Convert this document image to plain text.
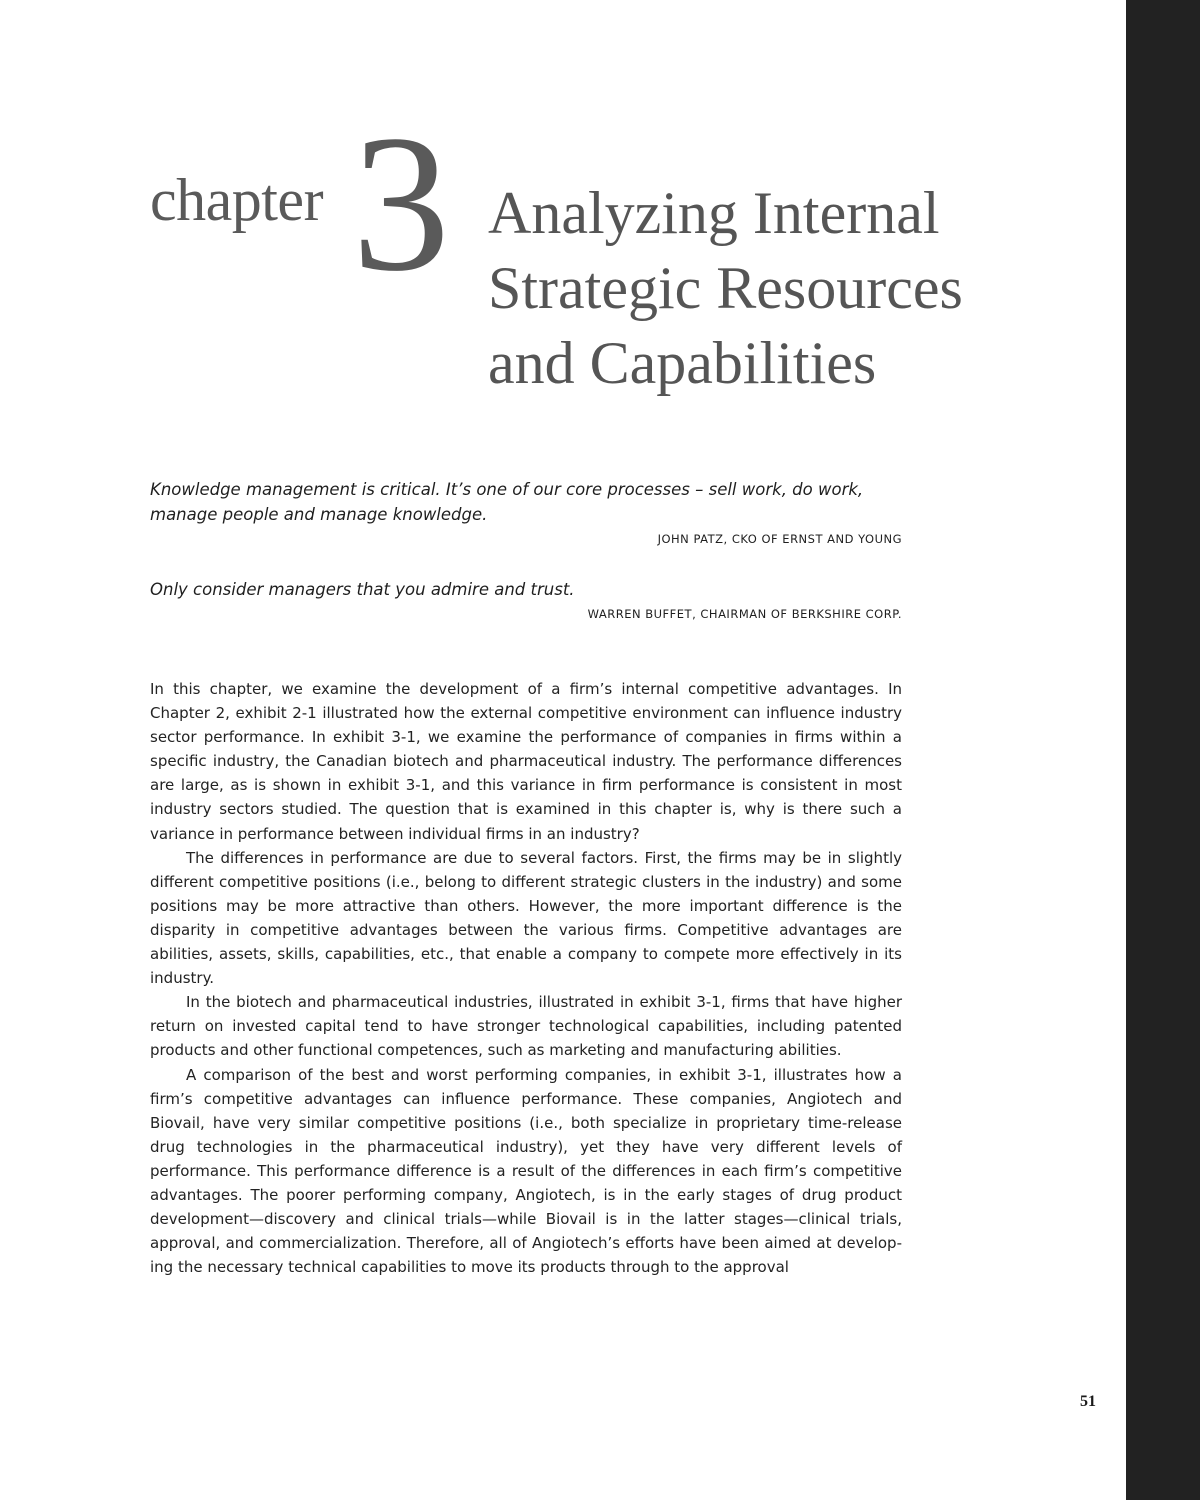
chapter 3 Analyzing Internal
Strategic Resources
and Capabilities

Knowledge management is critical. It’s one of our core processes – sell work, do work, manage people and manage knowledge.

JOHN PATZ, CKO OF ERNST AND YOUNG

Only consider managers that you admire and trust.

WARREN BUFFET, CHAIRMAN OF BERKSHIRE CORP.

In this chapter, we examine the development of a firm’s internal competitive advantages. In Chapter 2, exhibit 2-1 illustrated how the external competitive environment can influence industry sector performance. In exhibit 3-1, we examine the performance of companies in firms within a specific industry, the Canadian biotech and pharmaceutical industry. The performance differences are large, as is shown in exhibit 3-1, and this variance in firm performance is consistent in most industry sectors studied. The question that is examined in this chapter is, why is there such a variance in performance between individual firms in an industry?

The differences in performance are due to several factors. First, the firms may be in slightly different competitive positions (i.e., belong to different strategic clusters in the industry) and some positions may be more attractive than others. However, the more important difference is the disparity in competitive advantages between the various firms. Competitive advantages are abilities, assets, skills, capabilities, etc., that enable a company to compete more effectively in its industry.

In the biotech and pharmaceutical industries, illustrated in exhibit 3-1, firms that have higher return on invested capital tend to have stronger technological capabilities, including patented products and other functional competences, such as marketing and manufacturing abilities.

A comparison of the best and worst performing companies, in exhibit 3-1, illustrates how a firm’s competitive advantages can influence performance. These companies, Angiotech and Biovail, have very similar competitive positions (i.e., both specialize in proprietary time-release drug technologies in the pharmaceutical industry), yet they have very different levels of performance. This performance difference is a result of the differences in each firm’s competitive advantages. The poorer performing company, Angiotech, is in the early stages of drug product development—discovery and clinical trials—while Biovail is in the latter stages—clinical trials, approval, and commercialization. Therefore, all of Angiotech’s efforts have been aimed at developing the necessary technical capabilities to move its products through to the approval

51
